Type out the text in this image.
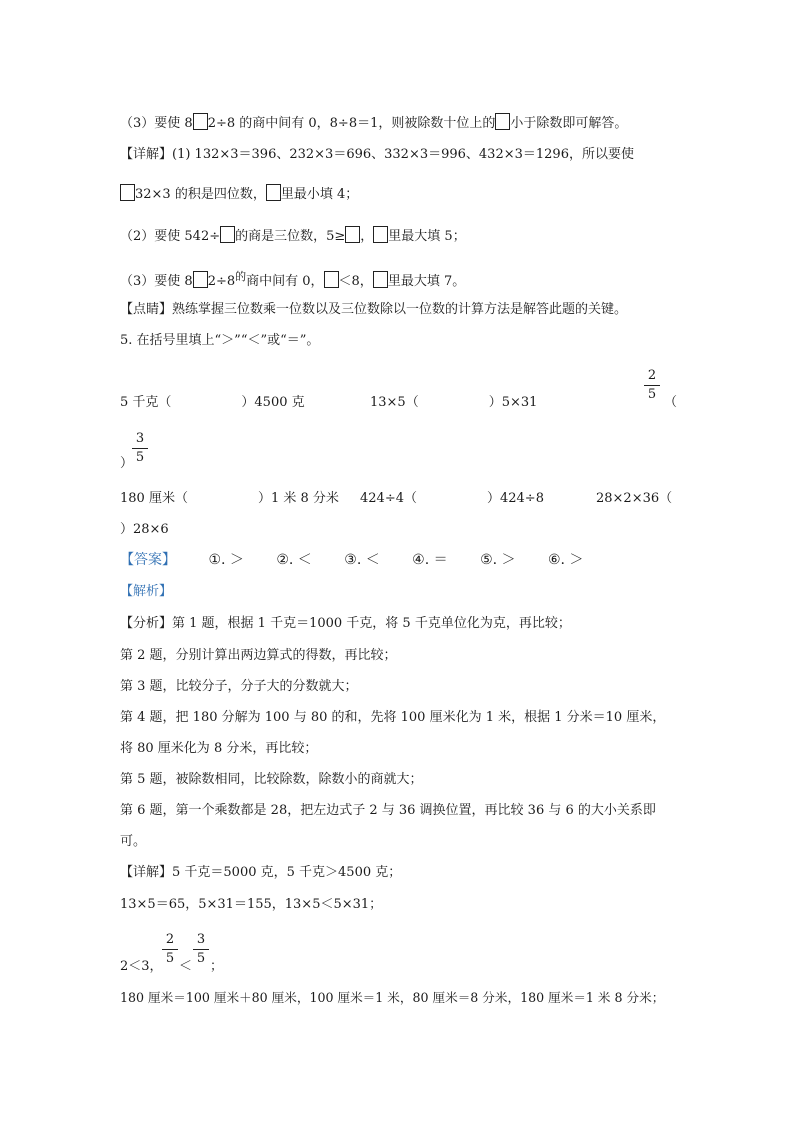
（3）要使 8 2÷8 的商中间有 0，8÷8＝1，则被除数十位上的 小于除数即可解答。
【详解】(1) 132×3＝396、232×3＝696、332×3＝996、432×3＝1296，所以要使
32×3 的积是四位数， 里最小填 4；
（2）要使 542÷ 的商是三位数，5≥ ， 里最大填 5；
（3）要使 8 $2\div 8^的$商中间有 0， ＜8， 里最大填 7。
【点睛】熟练掌握三位数乘一位数以及三位数除以一位数的计算方法是解答此题的关键。
5. 在括号里填上“＞”“＜”或“＝”。
5 千克（	）4500 克	13×5（	）5×31
2
5
（
3
5
）
180 厘米（	）1 米 8 分米 424÷4（	）424÷8	28×2×36（
）28×6
【答案】 ①. ＞ ②. ＜ ③. ＜ ④. ＝ ⑤. ＞ ⑥. ＞
【解析】
【分析】第 1 题，根据 1 千克＝1000 千克，将 5 千克单位化为克，再比较；
第 2 题，分别计算出两边算式的得数，再比较；
第 3 题，比较分子，分子大的分数就大；
第 4 题，把 180 分解为 100 与 80 的和，先将 100 厘米化为 1 米，根据 1 分米＝10 厘米，
将 80 厘米化为 8 分米，再比较；
第 5 题，被除数相同，比较除数，除数小的商就大；
第 6 题，第一个乘数都是 28，把左边式子 2 与 36 调换位置，再比较 36 与 6 的大小关系即
可。
【详解】5 千克＝5000 克，5 千克＞4500 克；
13×5＝65，5×31＝155，13×5＜5×31；
2＜3，
2
5
＜
3
5
；
180 厘米＝100 厘米＋80 厘米，100 厘米＝1 米，80 厘米＝8 分米，180 厘米＝1 米 8 分米；
